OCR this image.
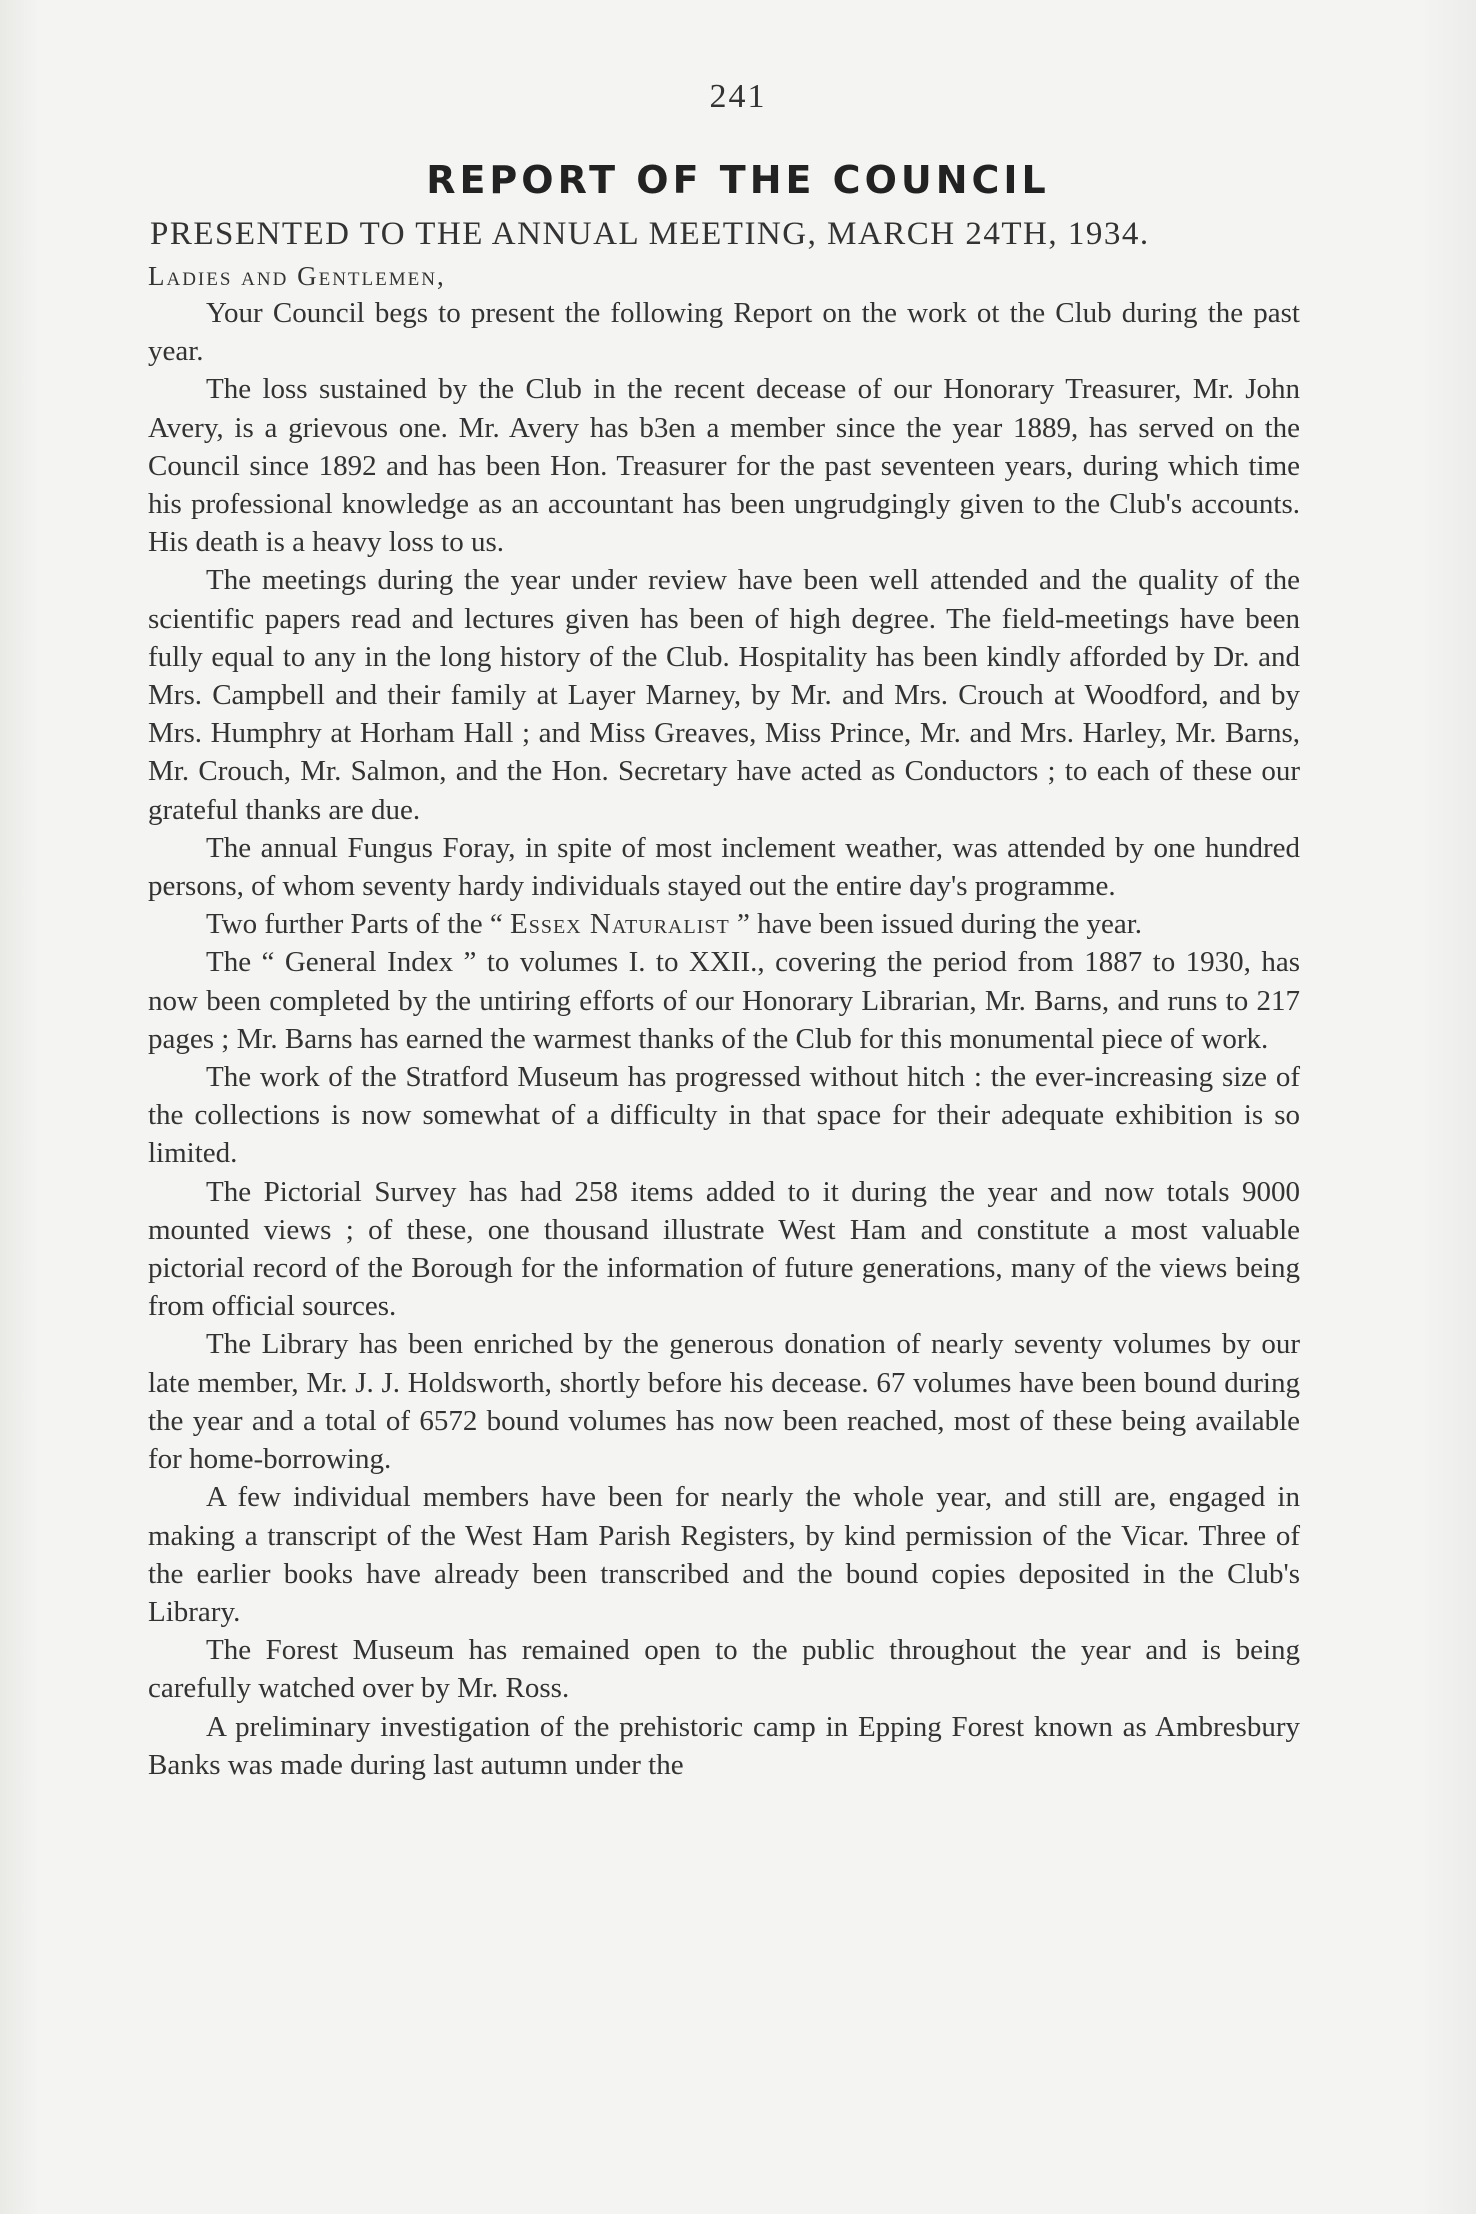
241
REPORT OF THE COUNCIL
PRESENTED TO THE ANNUAL MEETING, MARCH 24TH, 1934.
Ladies and Gentlemen,

Your Council begs to present the following Report on the work ot the Club during the past year.

The loss sustained by the Club in the recent decease of our Honorary Treasurer, Mr. John Avery, is a grievous one. Mr. Avery has b3en a member since the year 1889, has served on the Council since 1892 and has been Hon. Treasurer for the past seventeen years, during which time his professional knowledge as an accountant has been ungrudgingly given to the Club's accounts. His death is a heavy loss to us.

The meetings during the year under review have been well attended and the quality of the scientific papers read and lectures given has been of high degree. The field-meetings have been fully equal to any in the long history of the Club. Hospitality has been kindly afforded by Dr. and Mrs. Campbell and their family at Layer Marney, by Mr. and Mrs. Crouch at Woodford, and by Mrs. Humphry at Horham Hall ; and Miss Greaves, Miss Prince, Mr. and Mrs. Harley, Mr. Barns, Mr. Crouch, Mr. Salmon, and the Hon. Secretary have acted as Conductors ; to each of these our grateful thanks are due.

The annual Fungus Foray, in spite of most inclement weather, was attended by one hundred persons, of whom seventy hardy individuals stayed out the entire day's programme.

Two further Parts of the “ Essex Naturalist ” have been issued during the year.

The “ General Index ” to volumes I. to XXII., covering the period from 1887 to 1930, has now been completed by the untiring efforts of our Honorary Librarian, Mr. Barns, and runs to 217 pages ; Mr. Barns has earned the warmest thanks of the Club for this monumental piece of work.

The work of the Stratford Museum has progressed without hitch : the ever-increasing size of the collections is now somewhat of a difficulty in that space for their adequate exhibition is so limited.

The Pictorial Survey has had 258 items added to it during the year and now totals 9000 mounted views ; of these, one thousand illustrate West Ham and constitute a most valuable pictorial record of the Borough for the information of future generations, many of the views being from official sources.

The Library has been enriched by the generous donation of nearly seventy volumes by our late member, Mr. J. J. Holdsworth, shortly before his decease. 67 volumes have been bound during the year and a total of 6572 bound volumes has now been reached, most of these being available for home-borrowing.

A few individual members have been for nearly the whole year, and still are, engaged in making a transcript of the West Ham Parish Registers, by kind permission of the Vicar. Three of the earlier books have already been transcribed and the bound copies deposited in the Club's Library.

The Forest Museum has remained open to the public throughout the year and is being carefully watched over by Mr. Ross.

A preliminary investigation of the prehistoric camp in Epping Forest known as Ambresbury Banks was made during last autumn under the
